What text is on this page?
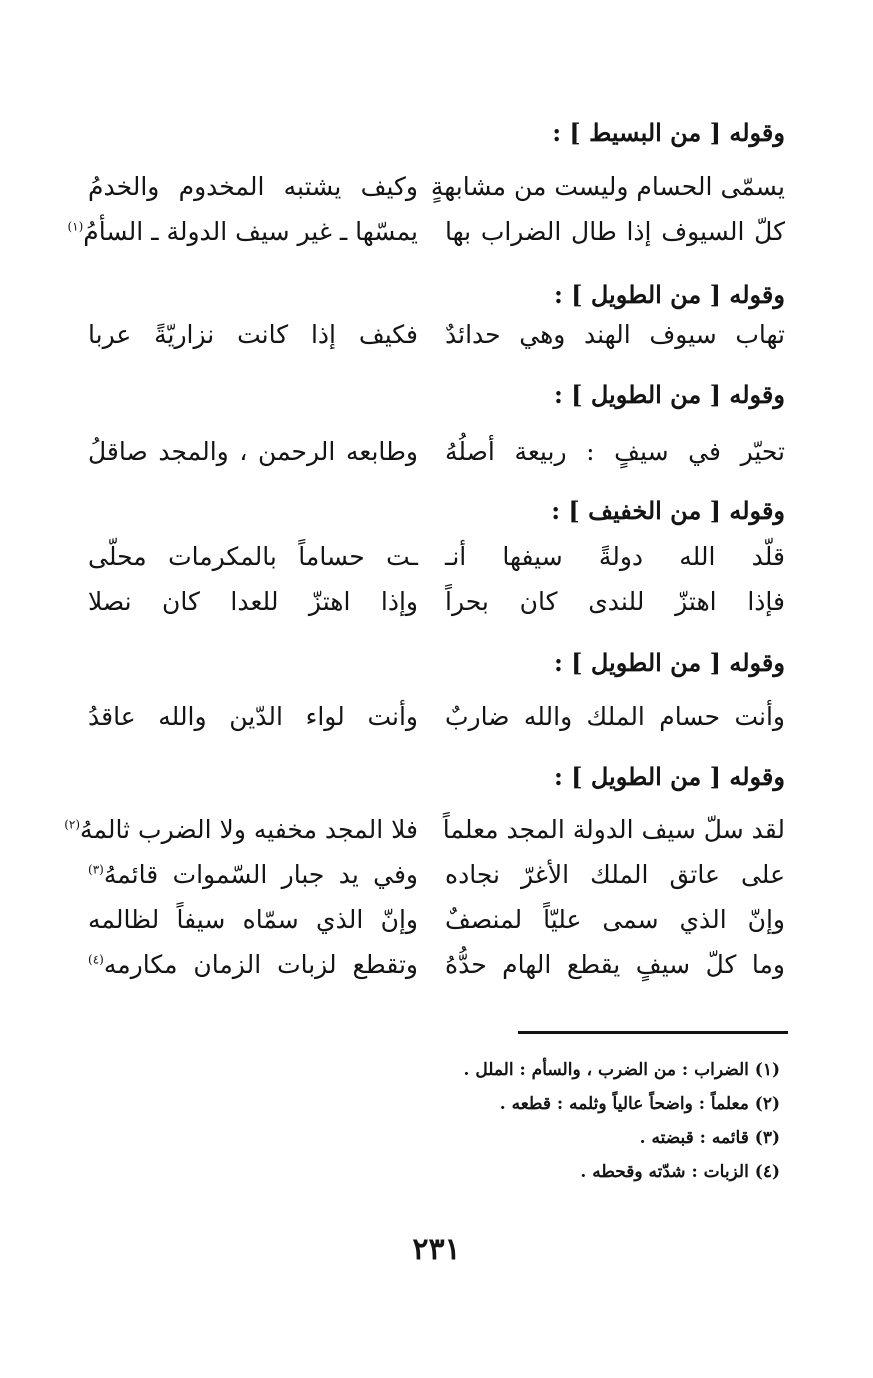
وقوله [ من البسيط ] :
يسمّى الحسام وليست من مشابهةٍ
وكيف يشتبه المخدوم والخدمُ
كلّ السيوف إذا طال الضراب بها
يمسّها ـ غير سيف الدولة ـ السأمُ$^{(١)}$
وقوله [ من الطويل ] :
تهاب سيوف الهند وهي حدائدٌ
فكيف إذا كانت نزاريّةً عربا
وقوله [ من الطويل ] :
تحيّر في سيفٍ : ربيعة أصلُهُ
وطابعه الرحمن ، والمجد صاقلُ
وقوله [ من الخفيف ] :
قلّد الله دولةً سيفها أنـ
ـت حساماً بالمكرمات محلّى
فإذا اهتزّ للندى كان بحراً
وإذا اهتزّ للعدا كان نصلا
وقوله [ من الطويل ] :
وأنت حسام الملك والله ضاربٌ
وأنت لواء الدّين والله عاقدُ
وقوله [ من الطويل ] :
لقد سلّ سيف الدولة المجد معلماً
فلا المجد مخفيه ولا الضرب ثالمهُ$^{(٢)}$
على عاتق الملك الأغرّ نجاده
وفي يد جبار السّموات قائمهُ$^{(٣)}$
وإنّ الذي سمى عليّاً لمنصفٌ
وإنّ الذي سمّاه سيفاً لظالمه
وما كلّ سيفٍ يقطع الهام حدُّهُ
وتقطع لزبات الزمان مكارمه$^{(٤)}$
(١) الضراب : من الضرب ، والسأم : الملل .
(٢) معلماً : واضحاً عالياً وثلمه : قطعه .
(٣) قائمه : قبضته .
(٤) الزبات : شدّته وقحطه .
٢٣١
